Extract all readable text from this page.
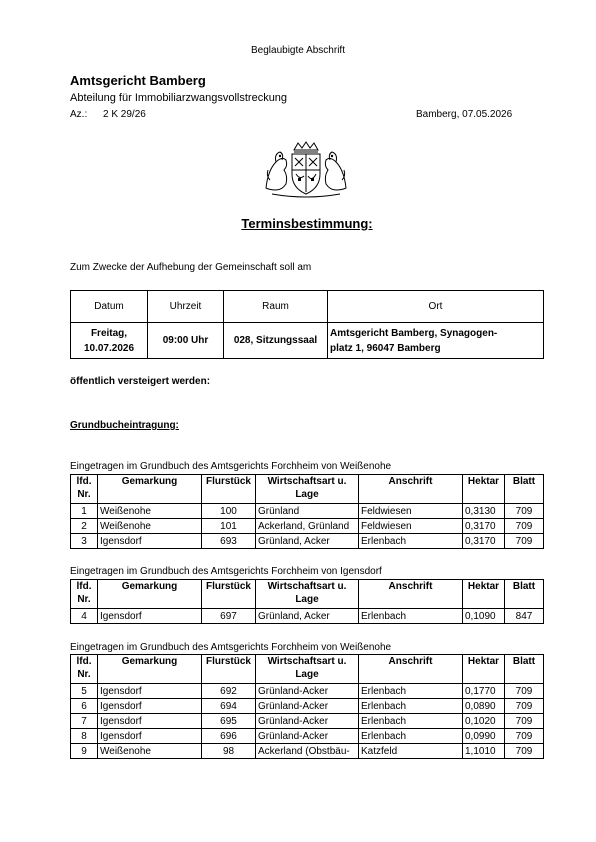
Beglaubigte Abschrift
Amtsgericht Bamberg
Abteilung für Immobiliarzwangsvollstreckung
Az.: 2 K 29/26	Bamberg, 07.05.2026
Terminsbestimmung:
Zum Zwecke der Aufhebung der Gemeinschaft soll am
Datum	Uhrzeit	Raum	Ort
Freitag,
10.07.2026	09:00 Uhr	028, Sitzungssaal	Amtsgericht Bamberg, Synagogen-
platz 1, 96047 Bamberg
öffentlich versteigert werden:
Grundbucheintragung:
Eingetragen im Grundbuch des Amtsgerichts Forchheim von Weißenohe
Eingetragen im Grundbuch des Amtsgerichts Forchheim von Igensdorf
Eingetragen im Grundbuch des Amtsgerichts Forchheim von Weißenohe
lfd.
Nr.	Gemarkung	Flurstück	Wirtschaftsart u.
Lage	Anschrift	Hektar	Blatt
1	Weißenohe	100	Grünland	Feldwiesen	0,3130	709
2	Weißenohe	101	Ackerland, Grünland	Feldwiesen	0,3170	709
3	Igensdorf	693	Grünland, Acker	Erlenbach	0,3170	709
lfd.
Nr.	Gemarkung	Flurstück	Wirtschaftsart u.
Lage	Anschrift	Hektar	Blatt
4	Igensdorf	697	Grünland, Acker	Erlenbach	0,1090	847
lfd.
Nr.	Gemarkung	Flurstück	Wirtschaftsart u.
Lage	Anschrift	Hektar	Blatt
5	Igensdorf	692	Grünland-Acker	Erlenbach	0,1770	709
6	Igensdorf	694	Grünland-Acker	Erlenbach	0,0890	709
7	Igensdorf	695	Grünland-Acker	Erlenbach	0,1020	709
8	Igensdorf	696	Grünland-Acker	Erlenbach	0,0990	709
9	Weißenohe	98	Ackerland (Obstbäu-	Katzfeld	1,1010	709
